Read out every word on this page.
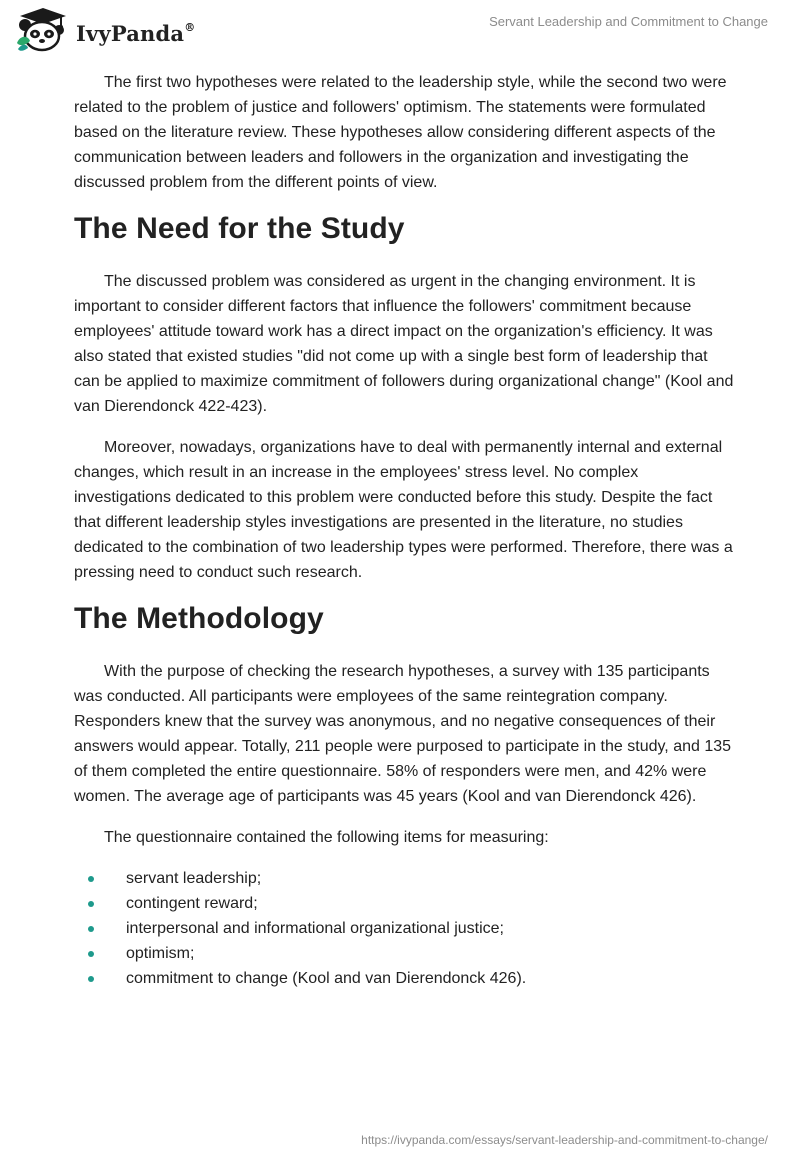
IvyPanda®	Servant Leadership and Commitment to Change

The first two hypotheses were related to the leadership style, while the second two were related to the problem of justice and followers' optimism. The statements were formulated based on the literature review. These hypotheses allow considering different aspects of the communication between leaders and followers in the organization and investigating the discussed problem from the different points of view.

The Need for the Study

The discussed problem was considered as urgent in the changing environment. It is important to consider different factors that influence the followers' commitment because employees' attitude toward work has a direct impact on the organization's efficiency. It was also stated that existed studies "did not come up with a single best form of leadership that can be applied to maximize commitment of followers during organizational change" (Kool and van Dierendonck 422-423).

Moreover, nowadays, organizations have to deal with permanently internal and external changes, which result in an increase in the employees' stress level. No complex investigations dedicated to this problem were conducted before this study. Despite the fact that different leadership styles investigations are presented in the literature, no studies dedicated to the combination of two leadership types were performed. Therefore, there was a pressing need to conduct such research.

The Methodology

With the purpose of checking the research hypotheses, a survey with 135 participants was conducted. All participants were employees of the same reintegration company. Responders knew that the survey was anonymous, and no negative consequences of their answers would appear. Totally, 211 people were purposed to participate in the study, and 135 of them completed the entire questionnaire. 58% of responders were men, and 42% were women. The average age of participants was 45 years (Kool and van Dierendonck 426).

The questionnaire contained the following items for measuring:

servant leadership;
contingent reward;
interpersonal and informational organizational justice;
optimism;
commitment to change (Kool and van Dierendonck 426).
https://ivypanda.com/essays/servant-leadership-and-commitment-to-change/
